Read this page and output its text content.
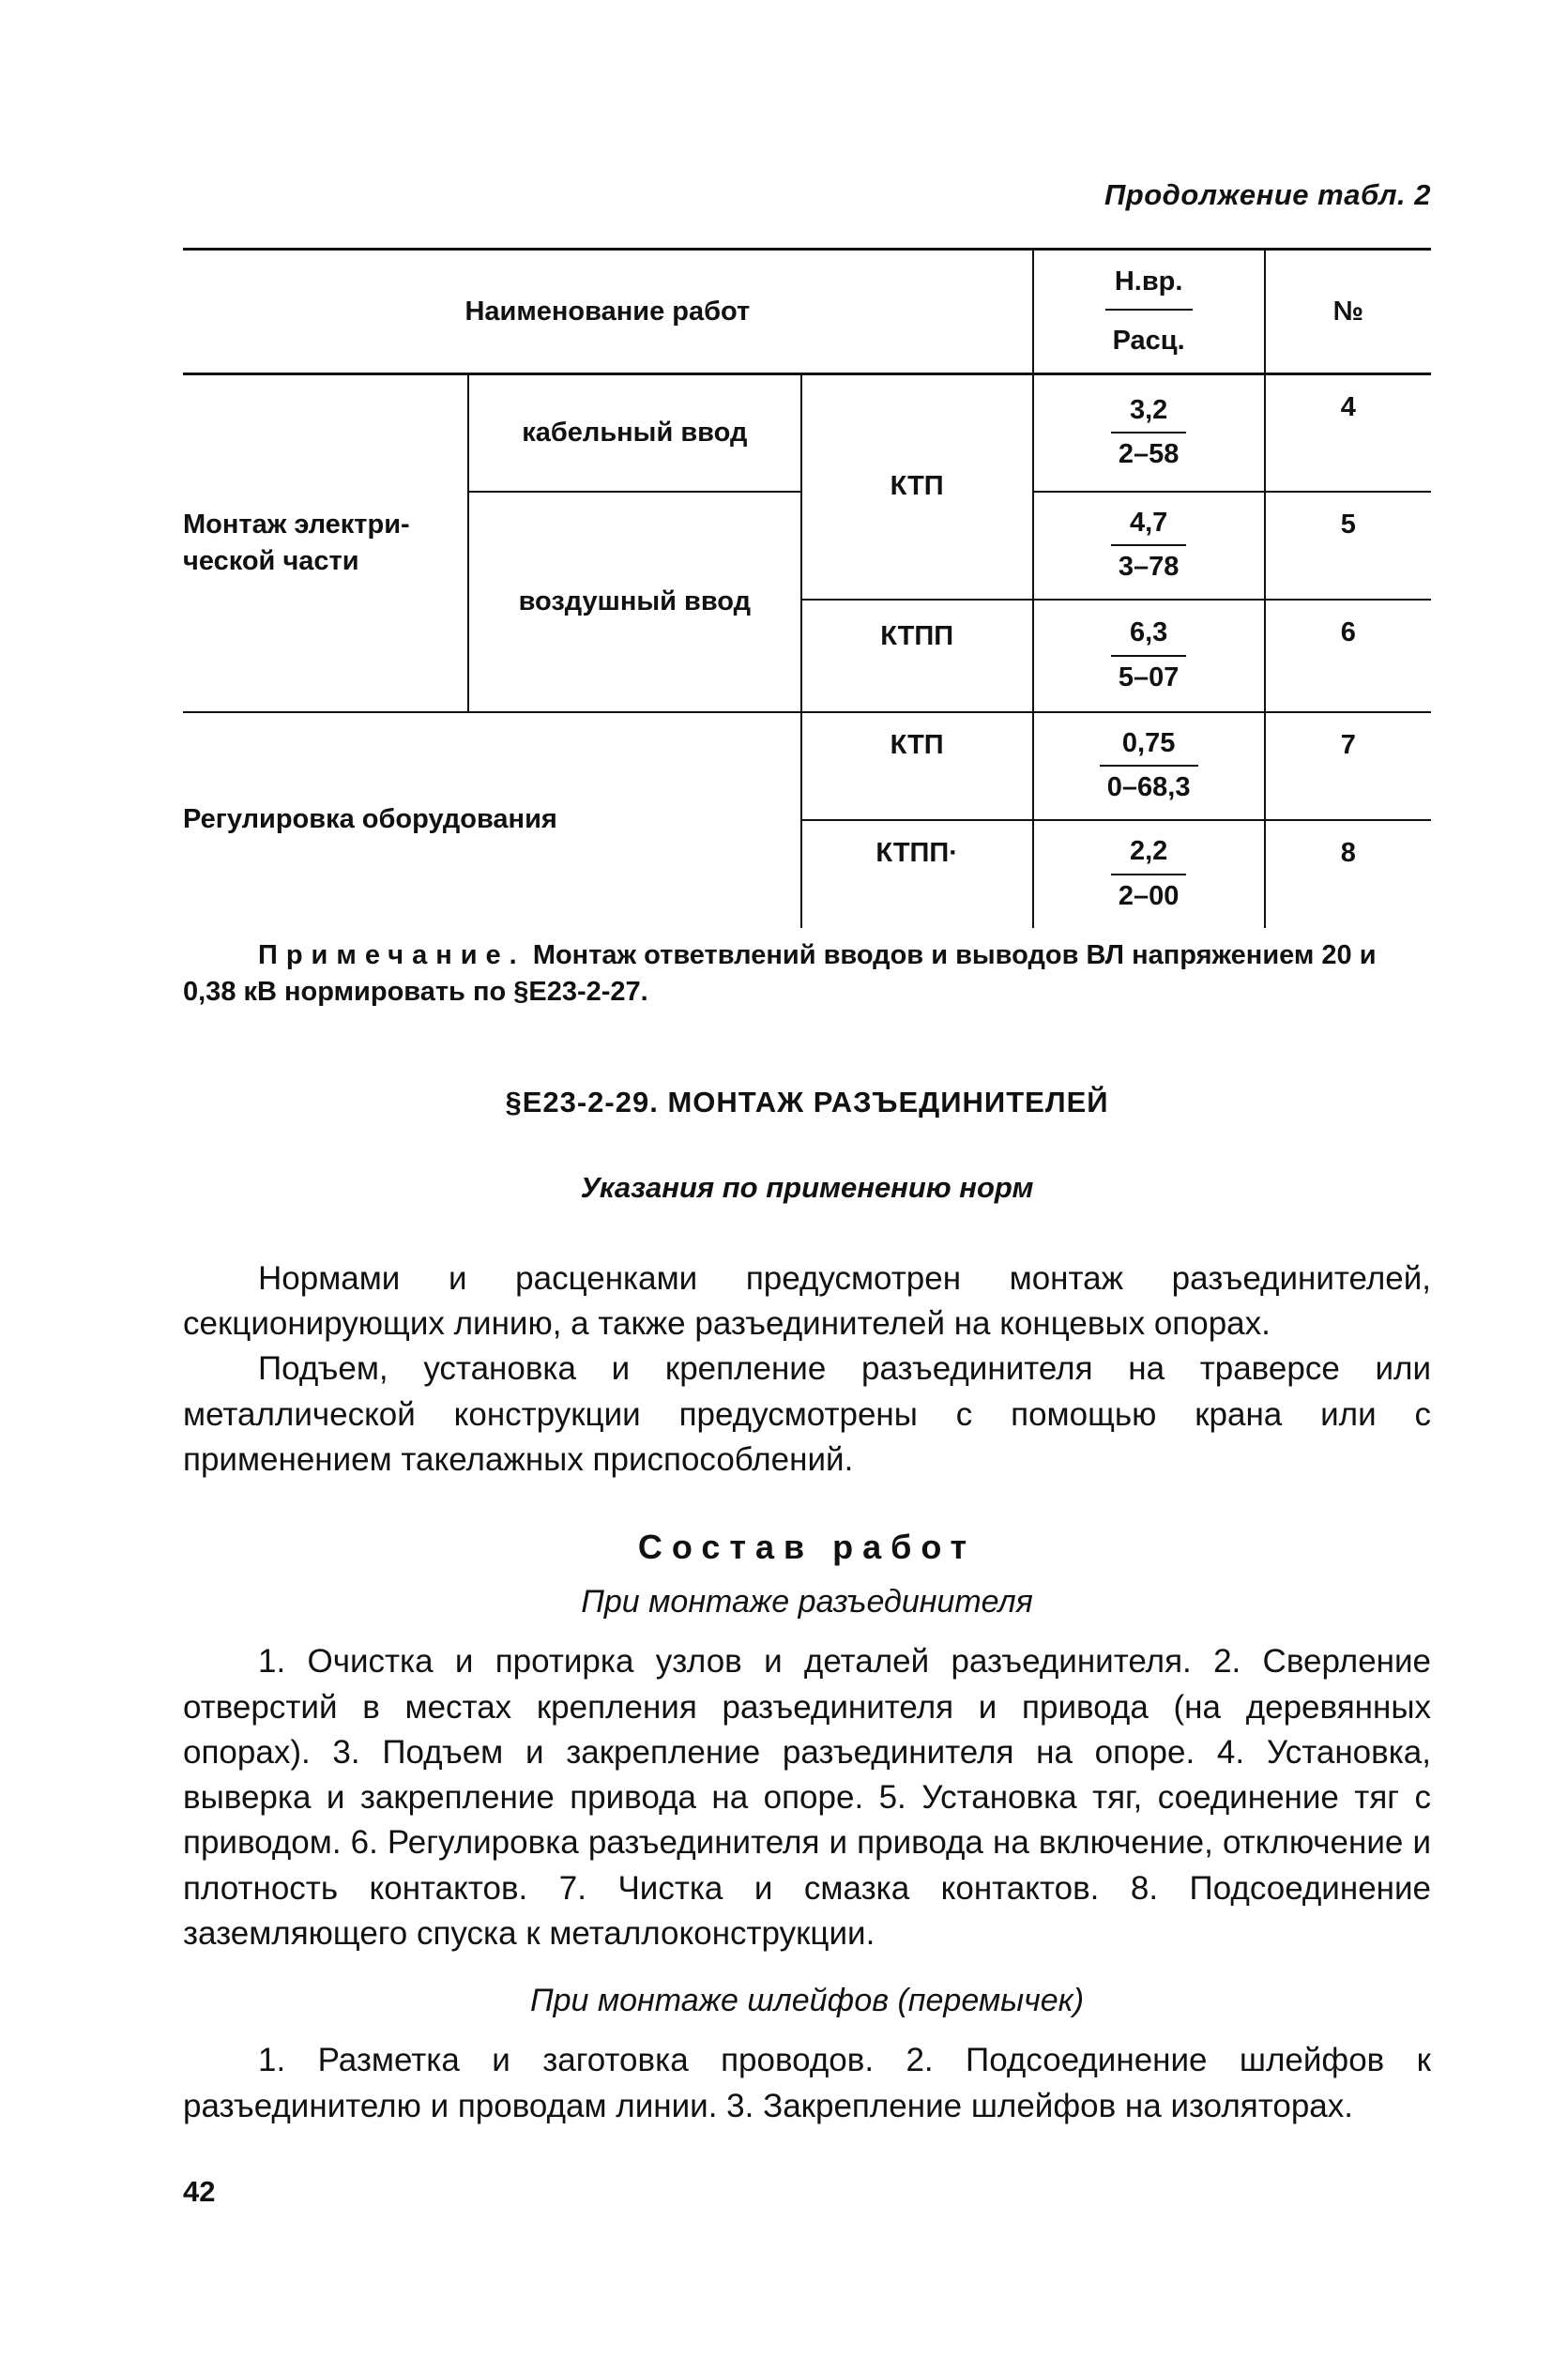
Продолжение табл. 2
Наименование работ			$\frac{Н.вр.}{\text{Расц.}}$	№
Монтаж электри-
ческой части	кабельный ввод	КТП	$\frac{3,2}{2-58}$	4
	воздушный ввод		$\frac{4,7}{3-78}$	5
		КТПП	$\frac{6,3}{5-07}$	6
Регулировка оборудования		КТП	$\frac{0,75}{0-68,3}$	7
		КТПП·	$\frac{2,2}{2-00}$	8

Примечание. Монтаж ответвлений вводов и выводов ВЛ напряжением 20 и 0,38 кВ нормировать по §Е23-2-27.

§Е23-2-29. МОНТАЖ РАЗЪЕДИНИТЕЛЕЙ
Указания по применению норм

Нормами и расценками предусмотрен монтаж разъединителей, секционирующих линию, а также разъединителей на концевых опорах.

Подъем, установка и крепление разъединителя на траверсе или металлической конструкции предусмотрены с помощью крана или с применением такелажных приспособлений.

Состав работ
При монтаже разъединителя

1. Очистка и протирка узлов и деталей разъединителя. 2. Сверление отверстий в местах крепления разъединителя и привода (на деревянных опорах). 3. Подъем и закрепление разъединителя на опоре. 4. Установка, выверка и закрепление привода на опоре. 5. Установка тяг, соединение тяг с приводом. 6. Регулировка разъединителя и привода на включение, отключение и плотность контактов. 7. Чистка и смазка контактов. 8. Подсоединение заземляющего спуска к металлоконструкции.

При монтаже шлейфов (перемычек)

1. Разметка и заготовка проводов. 2. Подсоединение шлейфов к разъединителю и проводам линии. 3. Закрепление шлейфов на изоляторах.

42
